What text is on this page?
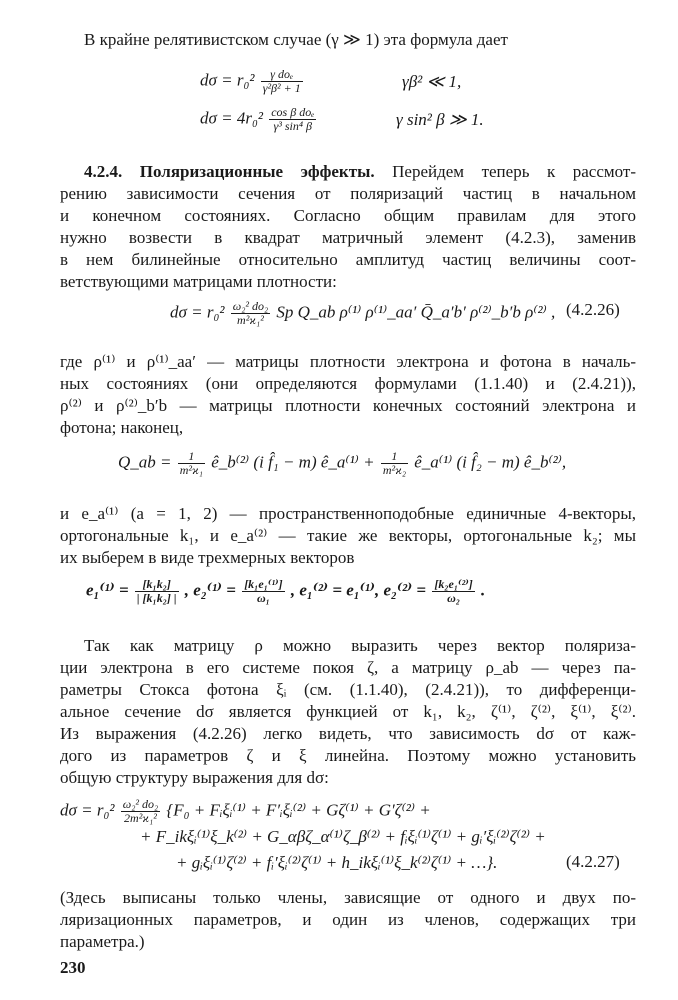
В крайне релятивистском случае (γ ≫ 1) эта формула дает
$d\sigma = r_0^2 \frac{\text{γ doₑ}}{\text{γ²β² + 1}}$	γβ² ≪ 1,
$d\sigma = 4r_0^2 \frac{\text{cos β doₑ}}{\text{γ³ sin⁴ β}}$	γ sin² β ≫ 1.
4.2.4. Поляризационные эффекты. Перейдем теперь к рассмот-
рению зависимости сечения от поляризаций частиц в начальном
и конечном состояниях. Согласно общим правилам для этого
нужно возвести в квадрат матричный элемент (4.2.3), заменив
в нем билинейные относительно амплитуд частиц величины соот-
ветствующими матрицами плотности:
$d\sigma = r_0^2 \frac{\text{ω₂² do₂}}{\text{m²ϰ₁²}}$ Sp Q_ab ρ⁽¹⁾ ρ⁽¹⁾_aa′ Q̄_a′b′ ρ⁽²⁾_b′b ρ⁽²⁾ , (4.2.26)
где ρ⁽¹⁾ и ρ⁽¹⁾_aa′ — матрицы плотности электрона и фотона в началь-
ных состояниях (они определяются формулами (1.1.40) и (2.4.21)),
ρ⁽²⁾ и ρ⁽²⁾_b′b — матрицы плотности конечных состояний электрона и
фотона; наконец,
Q_ab = $\frac{1}{\text{m²ϰ₁}}$ ê_b⁽²⁾ (i f̂₁ − m) ê_a⁽¹⁾ + $\frac{1}{\text{m²ϰ₂}}$ ê_a⁽¹⁾ (i f̂₂ − m) ê_b⁽²⁾,
и e_a⁽¹⁾ (a = 1, 2) — пространственноподобные единичные 4-векторы,
ортогональные k₁, и e_a⁽²⁾ — такие же векторы, ортогональные k₂; мы
их выберем в виде трехмерных векторов
$e_1^{(1)} = \frac{\text{[k₁k₂]}}{\text{| [k₁k₂] |}}$ , $e_2^{(1)} = \frac{\text{[k₁e₁⁽¹⁾]}}{\text{ω₁}}$ , e₁⁽²⁾ = e₁⁽¹⁾, $e_2^{(2)} = \frac{\text{[k₂e₁⁽²⁾]}}{\text{ω₂}}$ .
Так как матрицу ρ можно выразить через вектор поляриза-
ции электрона в его системе покоя ζ, а матрицу ρ_ab — через па-
раметры Стокса фотона ξᵢ (см. (1.1.40), (2.4.21)), то дифференци-
альное сечение dσ является функцией от k₁, k₂, ζ⁽¹⁾, ζ⁽²⁾, ξ⁽¹⁾, ξ⁽²⁾.
Из выражения (4.2.26) легко видеть, что зависимость dσ от каж-
дого из параметров ζ и ξ линейна. Поэтому можно установить
общую структуру выражения для dσ:
$d\sigma = r_0^2 \frac{\text{ω₂² do₂}}{\text{2m²ϰ₁²}} \{F_0$ + Fᵢξᵢ⁽¹⁾ + F′ᵢξᵢ⁽²⁾ + Gζ⁽¹⁾ + G′ζ⁽²⁾ +
+ F_ikξᵢ⁽¹⁾ξ_k⁽²⁾ + G_αβζ_α⁽¹⁾ζ_β⁽²⁾ + fᵢξᵢ⁽¹⁾ζ⁽¹⁾ + gᵢ′ξᵢ⁽²⁾ζ⁽²⁾ +
+ gᵢξᵢ⁽¹⁾ζ⁽²⁾ + fᵢ′ξᵢ⁽²⁾ζ⁽¹⁾ + h_ikξᵢ⁽¹⁾ξ_k⁽²⁾ζ⁽¹⁾ + …}.	(4.2.27)
(Здесь выписаны только члены, зависящие от одного и двух по-
ляризационных параметров, и один из членов, содержащих три
параметра.)
230
